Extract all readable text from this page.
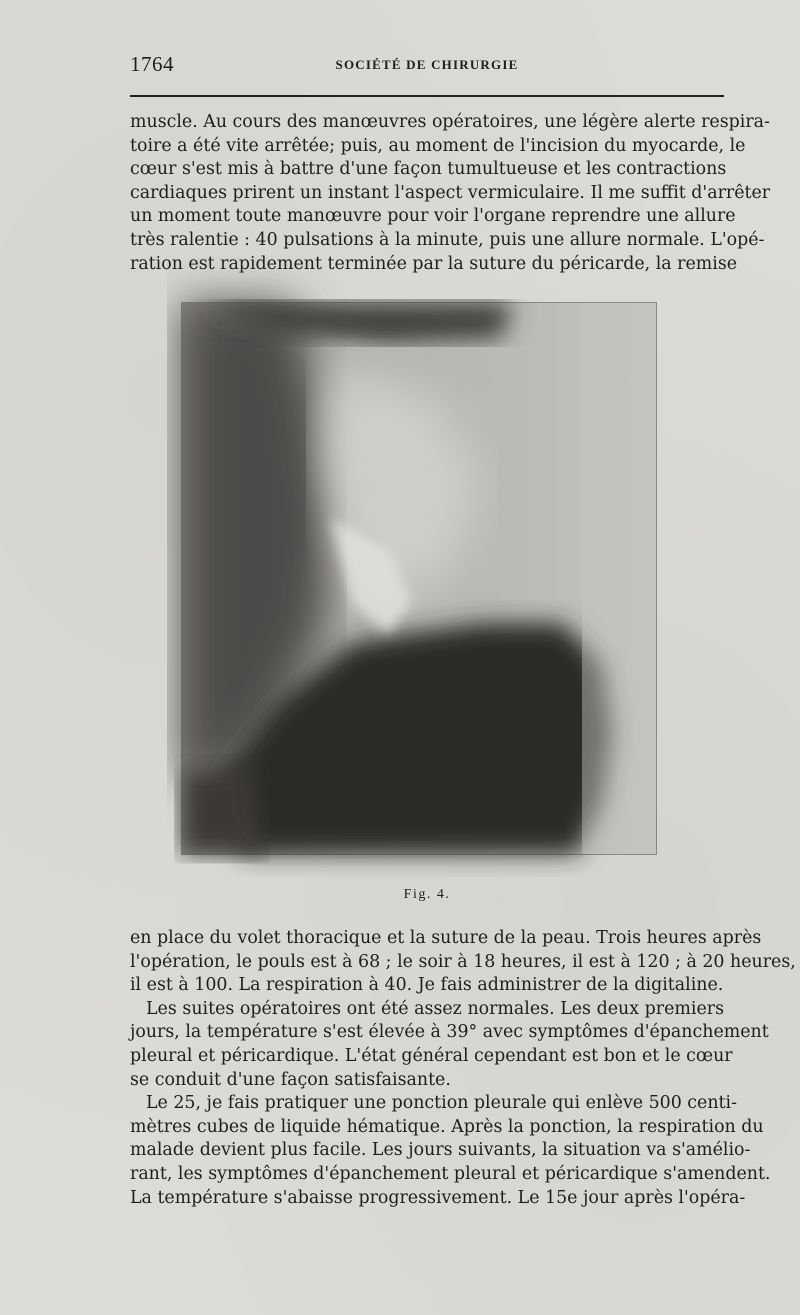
1764	SOCIÉTÉ DE CHIRURGIE
muscle. Au cours des manœuvres opératoires, une légère alerte respira-
toire a été vite arrêtée; puis, au moment de l'incision du myocarde, le
cœur s'est mis à battre d'une façon tumultueuse et les contractions
cardiaques prirent un instant l'aspect vermiculaire. Il me suffit d'arrêter
un moment toute manœuvre pour voir l'organe reprendre une allure
très ralentie : 40 pulsations à la minute, puis une allure normale. L'opé-
ration est rapidement terminée par la suture du péricarde, la remise
Fig. 4.
en place du volet thoracique et la suture de la peau. Trois heures après
l'opération, le pouls est à 68 ; le soir à 18 heures, il est à 120 ; à 20 heures,
il est à 100. La respiration à 40. Je fais administrer de la digitaline.
Les suites opératoires ont été assez normales. Les deux premiers
jours, la température s'est élevée à 39° avec symptômes d'épanchement
pleural et péricardique. L'état général cependant est bon et le cœur
se conduit d'une façon satisfaisante.
Le 25, je fais pratiquer une ponction pleurale qui enlève 500 centi-
mètres cubes de liquide hématique. Après la ponction, la respiration du
malade devient plus facile. Les jours suivants, la situation va s'amélio-
rant, les symptômes d'épanchement pleural et péricardique s'amendent.
La température s'abaisse progressivement. Le 15e jour après l'opéra-
